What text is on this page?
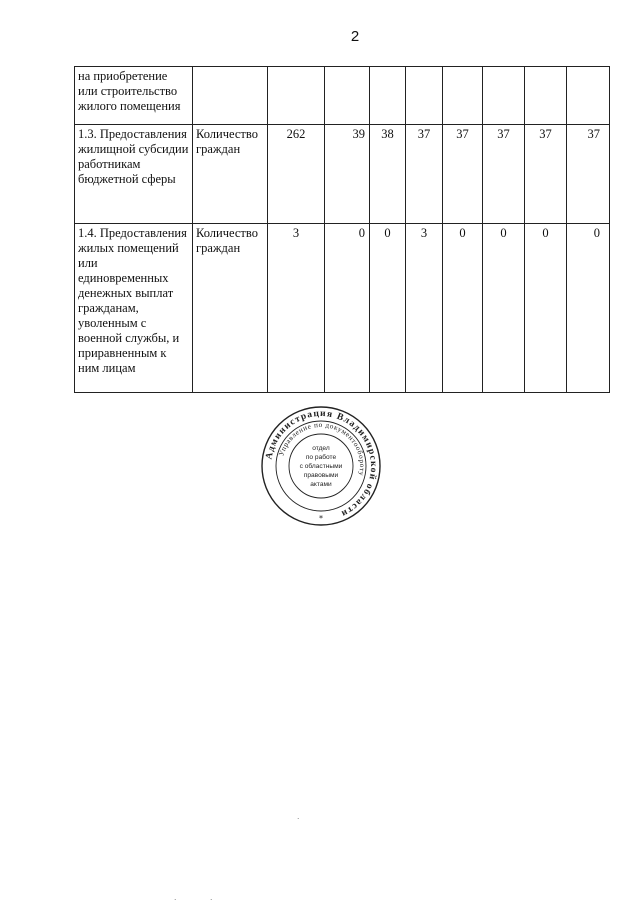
2
на приобретение или строительство жилого помещения									
1.3. Предоставления жилищной субсидии работникам бюджетной сферы	Количество граждан	262	39	38	37	37	37	37	37
1.4. Предоставления жилых помещений или единовременных денежных выплат гражданам, уволенным с военной службы, и приравненным к ним лицам	Количество граждан	3	0	0	3	0	0	0	0
Администрация Владимирской области
Управление по документообороту
отдел
по работе
с областными
правовыми
актами
*
·
·	·
